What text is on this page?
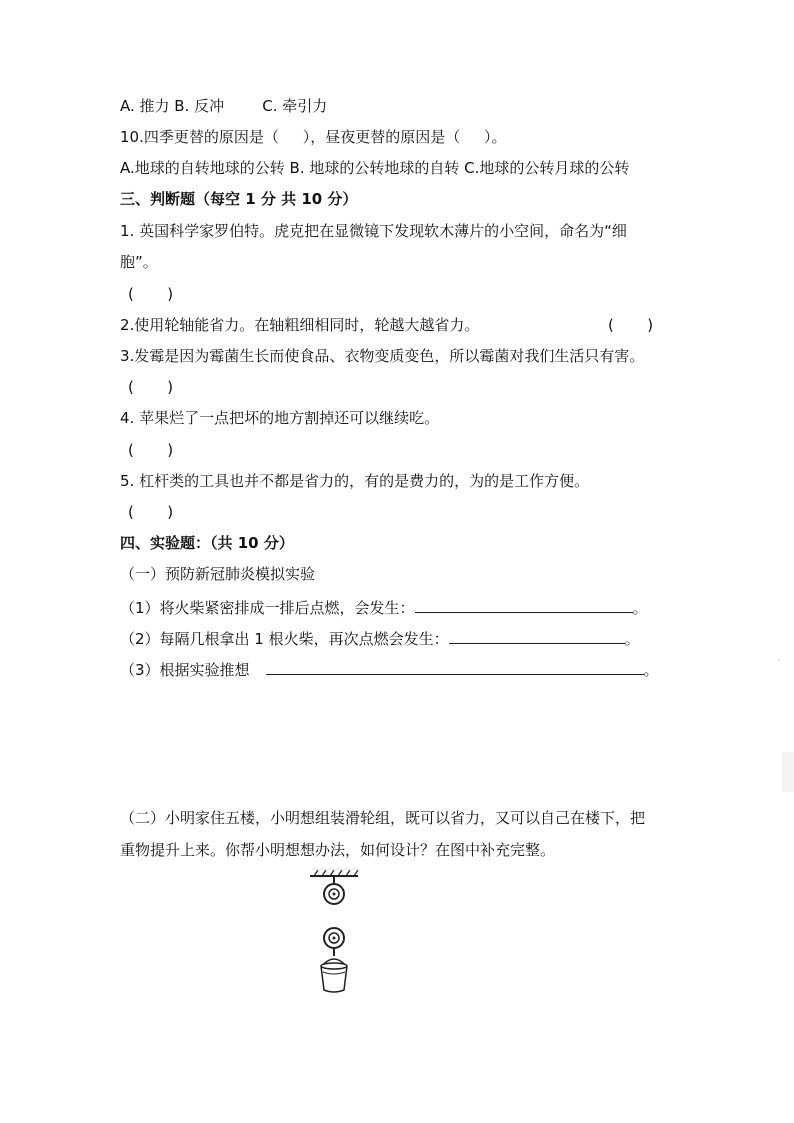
A. 推力 B. 反冲        C. 牵引力
10.四季更替的原因是（     ），昼夜更替的原因是（     ）。
A.地球的自转地球的公转 B. 地球的公转地球的自转 C.地球的公转月球的公转
三、判断题（每空 1 分 共 10 分）
1. 英国科学家罗伯特。虎克把在显微镜下发现软木薄片的小空间，命名为“细
胞”。
(       )
2.使用轮轴能省力。在轴粗细相同时，轮越大越省力。	(       )
3.发霉是因为霉菌生长而使食品、衣物变质变色，所以霉菌对我们生活只有害。
(       )
4. 苹果烂了一点把坏的地方割掉还可以继续吃。
(       )
5. 杠杆类的工具也并不都是省力的，有的是费力的，为的是工作方便。
(       )
四、实验题：（共 10 分）
（一）预防新冠肺炎模拟实验
（1）将火柴紧密排成一排后点燃，会发生：	。
（2）每隔几根拿出 1 根火柴，再次点燃会发生：	。
（3）根据实验推想	。
（二）小明家住五楼，小明想组装滑轮组，既可以省力，又可以自己在楼下，把
重物提升上来。你帮小明想想办法，如何设计？在图中补充完整。
·
